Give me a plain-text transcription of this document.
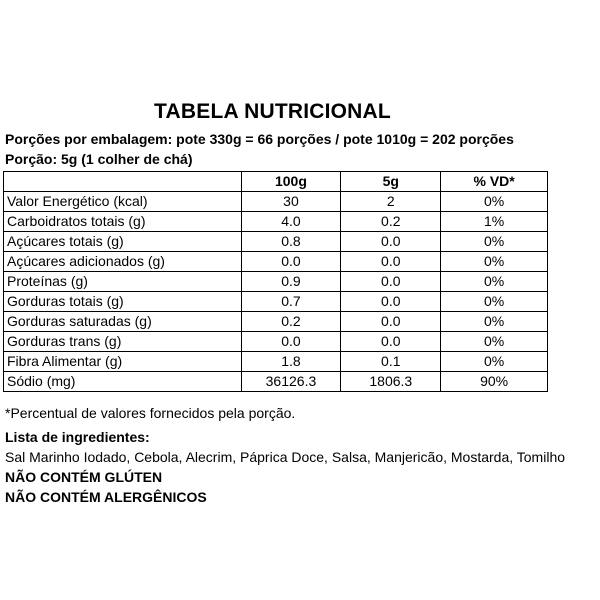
TABELA NUTRICIONAL
Porções por embalagem: pote 330g = 66 porções / pote 1010g = 202 porções
Porção: 5g (1 colher de chá)
	100g	5g	% VD*
Valor Energético (kcal)	30	2	0%
Carboidratos totais (g)	4.0	0.2	1%
Açúcares totais (g)	0.8	0.0	0%
Açúcares adicionados (g)	0.0	0.0	0%
Proteínas (g)	0.9	0.0	0%
Gorduras totais (g)	0.7	0.0	0%
Gorduras saturadas (g)	0.2	0.0	0%
Gorduras trans (g)	0.0	0.0	0%
Fibra Alimentar (g)	1.8	0.1	0%
Sódio (mg)	36126.3	1806.3	90%
*Percentual de valores fornecidos pela porção.
Lista de ingredientes:
Sal Marinho Iodado, Cebola, Alecrim, Páprica Doce, Salsa, Manjericão, Mostarda, Tomilho
NÃO CONTÉM GLÚTEN
NÃO CONTÉM ALERGÊNICOS
